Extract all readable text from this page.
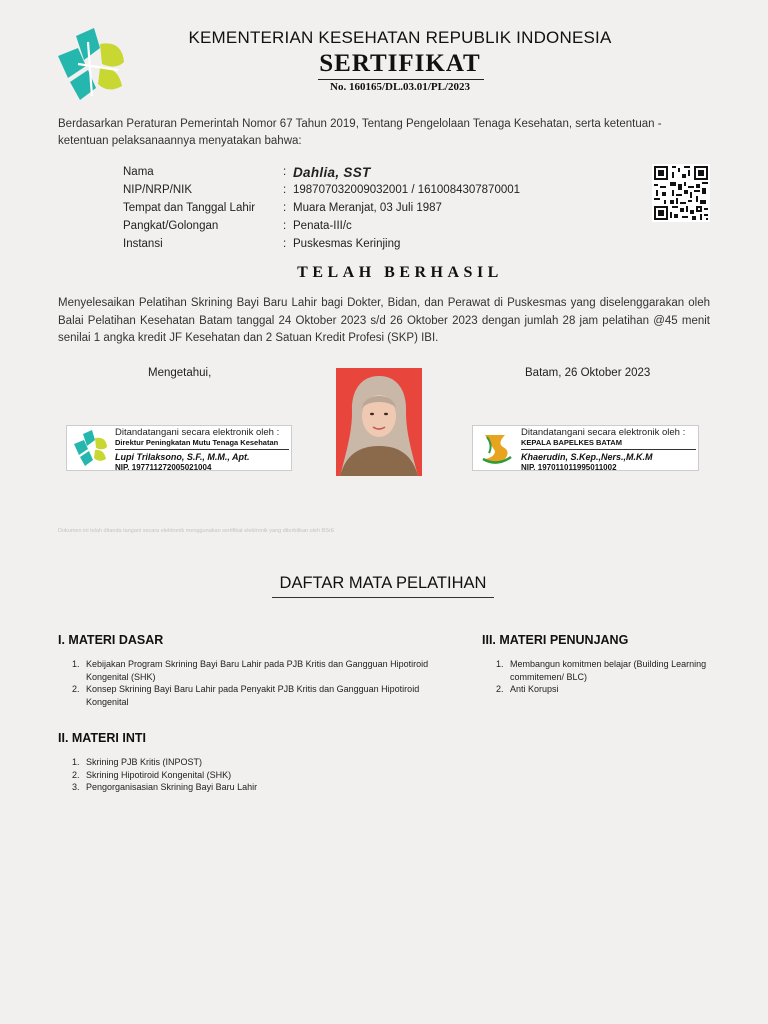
KEMENTERIAN KESEHATAN REPUBLIK INDONESIA
SERTIFIKAT
No. 160165/DL.03.01/PL/2023
Berdasarkan Peraturan Pemerintah Nomor 67 Tahun 2019, Tentang Pengelolaan Tenaga Kesehatan, serta ketentuan - ketentuan pelaksanaannya menyatakan bahwa:
Nama	: Dahlia, SST
NIP/NRP/NIK	: 198707032009032001 / 1610084307870001
Tempat dan Tanggal Lahir	: Muara Meranjat, 03 Juli 1987
Pangkat/Golongan	: Penata-III/c
Instansi	: Puskesmas Kerinjing
TELAH BERHASIL
Menyelesaikan Pelatihan Skrining Bayi Baru Lahir bagi Dokter, Bidan, dan Perawat di Puskesmas yang diselenggarakan oleh Balai Pelatihan Kesehatan Batam tanggal 24 Oktober 2023 s/d 26 Oktober 2023 dengan jumlah 28 jam pelatihan @45 menit senilai 1 angka kredit JF Kesehatan dan 2 Satuan Kredit Profesi (SKP) IBI.
Mengetahui,	Batam, 26 Oktober 2023
Ditandatangani secara elektronik oleh :
Direktur Peningkatan Mutu Tenaga Kesehatan
Lupi Trilaksono, S.F., M.M., Apt.
NIP. 197711272005021004
Ditandatangani secara elektronik oleh :
KEPALA BAPELKES BATAM
Khaerudin, S.Kep.,Ners.,M.K.M
NIP. 197011011995011002
Dokumen ini telah ditanda tangani secara elektronik menggunakan sertifikat elektronik yang diterbitkan oleh BSrE
DAFTAR MATA PELATIHAN
I. MATERI DASAR
1. Kebijakan Program Skrining Bayi Baru Lahir pada PJB Kritis dan Gangguan Hipotiroid Kongenital (SHK)
2. Konsep Skrining Bayi Baru Lahir pada Penyakit PJB Kritis dan Gangguan Hipotiroid Kongenital
III. MATERI PENUNJANG
1. Membangun komitmen belajar (Building Learning commitemen/ BLC)
2. Anti Korupsi
II. MATERI INTI
1. Skrining PJB Kritis (INPOST)
2. Skrining Hipotiroid Kongenital (SHK)
3. Pengorganisasian Skrining Bayi Baru Lahir
